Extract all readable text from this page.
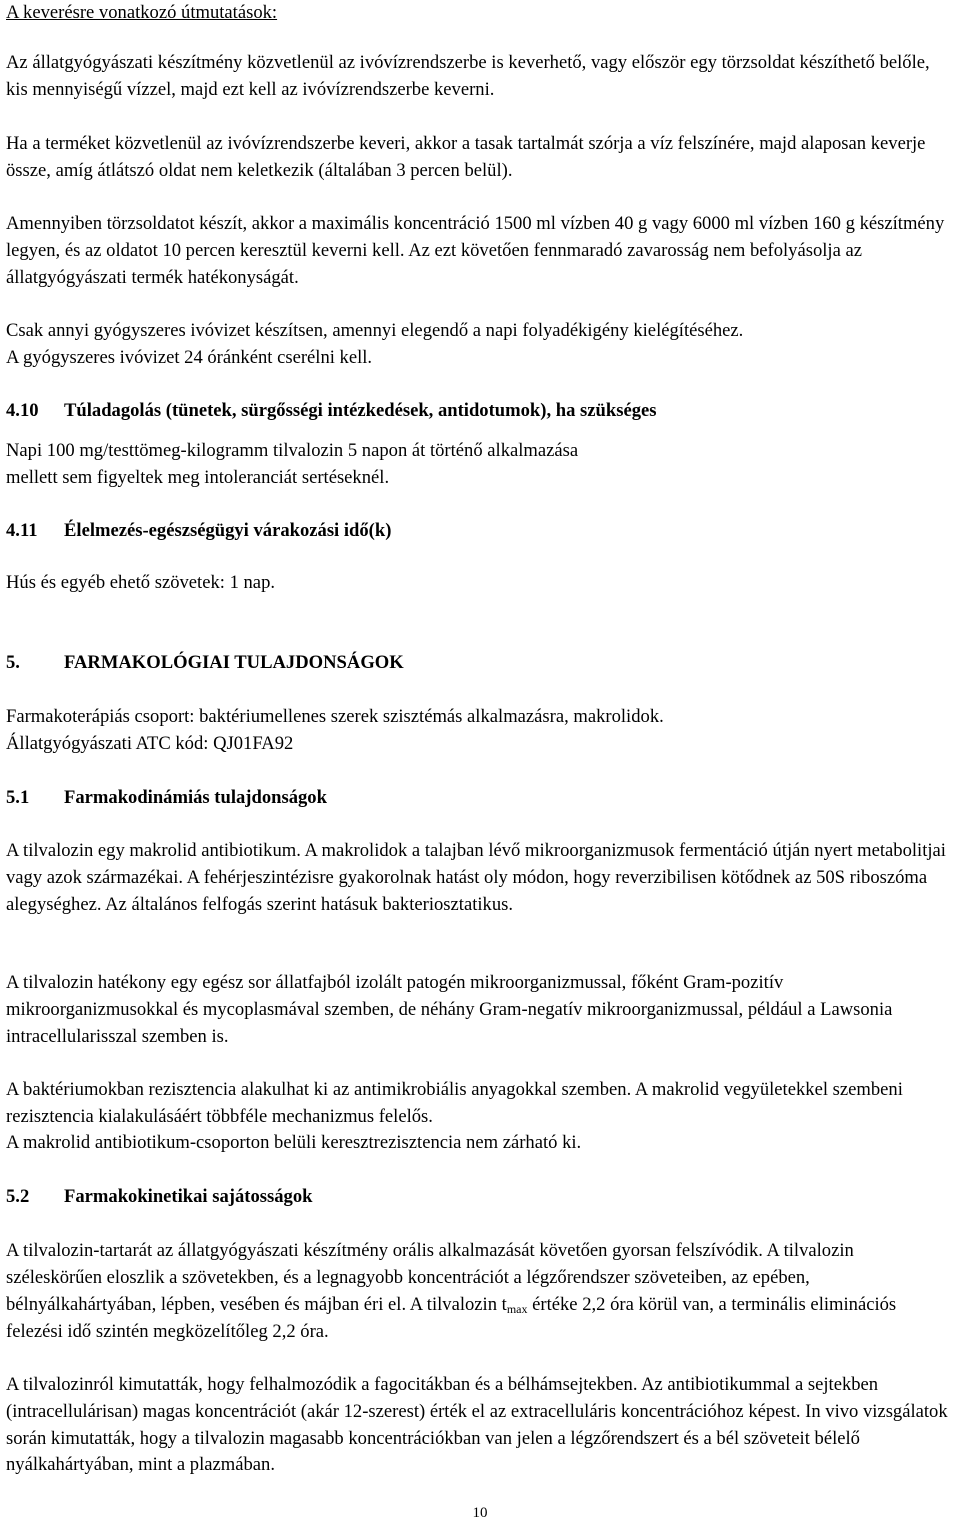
A keverésre vonatkozó útmutatások:

Az állatgyógyászati készítmény közvetlenül az ivóvízrendszerbe is keverhető, vagy először egy törzsoldat készíthető belőle, kis mennyiségű vízzel, majd ezt kell az ivóvízrendszerbe keverni.

Ha a terméket közvetlenül az ivóvízrendszerbe keveri, akkor a tasak tartalmát szórja a víz felszínére, majd alaposan keverje össze, amíg átlátszó oldat nem keletkezik (általában 3 percen belül).

Amennyiben törzsoldatot készít, akkor a maximális koncentráció 1500 ml vízben 40 g vagy 6000 ml vízben 160 g készítmény legyen, és az oldatot 10 percen keresztül keverni kell. Az ezt követően fennmaradó zavarosság nem befolyásolja az állatgyógyászati termék hatékonyságát.

Csak annyi gyógyszeres ivóvizet készítsen, amennyi elegendő a napi folyadékigény kielégítéséhez.

A gyógyszeres ivóvizet 24 óránként cserélni kell.

4.10 Túladagolás (tünetek, sürgősségi intézkedések, antidotumok), ha szükséges

Napi 100 mg/testtömeg-kilogramm tilvalozin 5 napon át történő alkalmazása

mellett sem figyeltek meg intoleranciát sertéseknél.

4.11 Élelmezés-egészségügyi várakozási idő(k)

Hús és egyéb ehető szövetek: 1 nap.

5. FARMAKOLÓGIAI TULAJDONSÁGOK

Farmakoterápiás csoport: baktériumellenes szerek szisztémás alkalmazásra, makrolidok.

Állatgyógyászati ATC kód: QJ01FA92

5.1 Farmakodinámiás tulajdonságok

A tilvalozin egy makrolid antibiotikum. A makrolidok a talajban lévő mikroorganizmusok fermentáció útján nyert metabolitjai vagy azok származékai. A fehérjeszintézisre gyakorolnak hatást oly módon, hogy reverzibilisen kötődnek az 50S riboszóma alegységhez. Az általános felfogás szerint hatásuk bakteriosztatikus.

A tilvalozin hatékony egy egész sor állatfajból izolált patogén mikroorganizmussal, főként Gram-pozitív mikroorganizmusokkal és mycoplasmával szemben, de néhány Gram-negatív mikroorganizmussal, például a Lawsonia intracellularisszal szemben is.

A baktériumokban rezisztencia alakulhat ki az antimikrobiális anyagokkal szemben. A makrolid vegyületekkel szembeni rezisztencia kialakulásáért többféle mechanizmus felelős.

A makrolid antibiotikum-csoporton belüli keresztrezisztencia nem zárható ki.

5.2 Farmakokinetikai sajátosságok

A tilvalozin-tartarát az állatgyógyászati készítmény orális alkalmazását követően gyorsan felszívódik. A tilvalozin széleskörűen eloszlik a szövetekben, és a legnagyobb koncentrációt a légzőrendszer szöveteiben, az epében, bélnyálkahártyában, lépben, vesében és májban éri el. A tilvalozin $t_{max}$ értéke 2,2 óra körül van, a terminális eliminációs felezési idő szintén megközelítőleg 2,2 óra.

A tilvalozinról kimutatták, hogy felhalmozódik a fagocitákban és a bélhámsejtekben. Az antibiotikummal a sejtekben (intracellulárisan) magas koncentrációt (akár 12-szerest) érték el az extracelluláris koncentrációhoz képest. In vivo vizsgálatok során kimutatták, hogy a tilvalozin magasabb koncentrációkban van jelen a légzőrendszert és a bél szöveteit bélelő nyálkahártyában, mint a plazmában.

10
